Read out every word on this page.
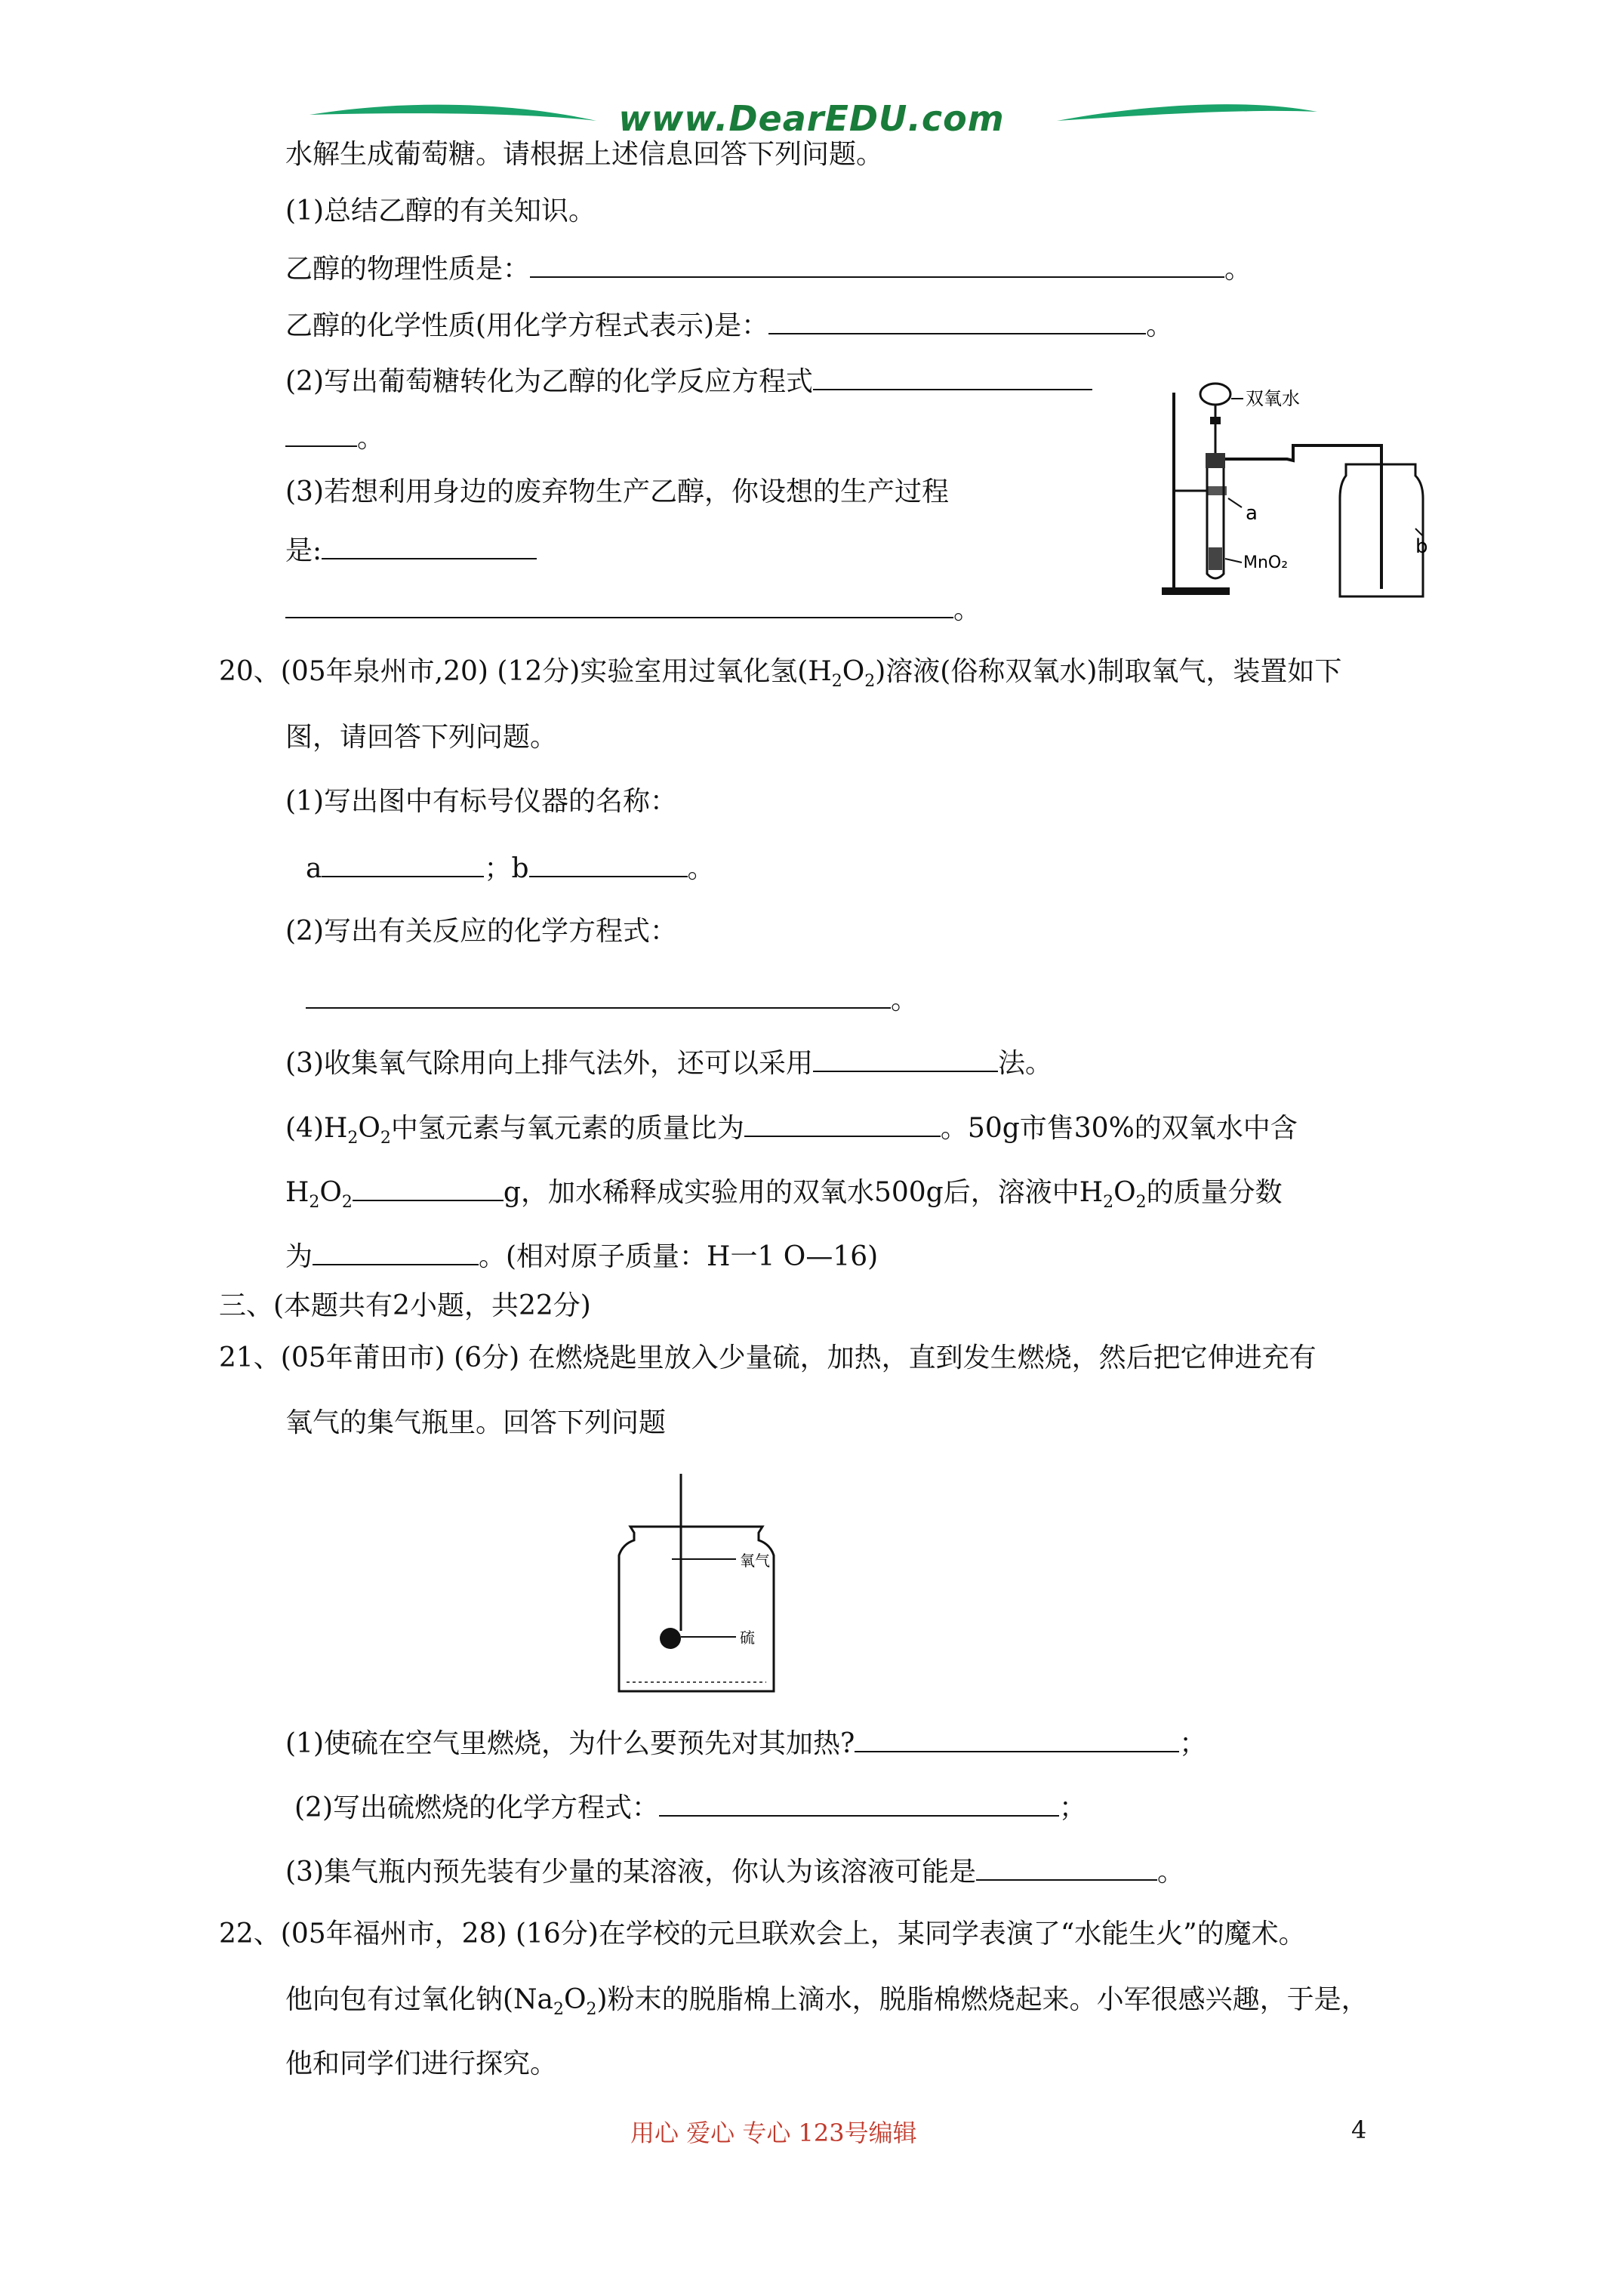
www.DearEDU.com
水解生成葡萄糖。请根据上述信息回答下列问题。
(1)总结乙醇的有关知识。
乙醇的物理性质是：	。
乙醇的化学性质(用化学方程式表示)是：	。
(2)写出葡萄糖转化为乙醇的化学反应方程式
。
(3)若想利用身边的废弃物生产乙醇，你设想的生产过程
是:
。
双氧水
a
MnO₂
b
20、(05年泉州市,20) (12分)实验室用过氧化氢$(H_2O_2)$溶液(俗称双氧水)制取氧气，装置如下
图，请回答下列问题。
(1)写出图中有标号仪器的名称：
a	；b	。
(2)写出有关反应的化学方程式：
。
(3)收集氧气除用向上排气法外，还可以采用	法。
$(4)H_2O_2$中氢元素与氧元素的质量比为	。50g市售30%的双氧水中含
$H_2O_2$	g，加水稀释成实验用的双氧水500g后，溶液中$H_2O_2$的质量分数
为	。(相对原子质量：H一1 O—16)
三、(本题共有2小题，共22分)
21、(05年莆田市) (6分) 在燃烧匙里放入少量硫，加热，直到发生燃烧，然后把它伸进充有
氧气的集气瓶里。回答下列问题
氧气
硫
(1)使硫在空气里燃烧，为什么要预先对其加热?	；
(2)写出硫燃烧的化学方程式：	；
(3)集气瓶内预先装有少量的某溶液，你认为该溶液可能是	。
22、(05年福州市，28) (16分)在学校的元旦联欢会上，某同学表演了“水能生火”的魔术。
他向包有过氧化钠$(Na_2O_2)$粉末的脱脂棉上滴水，脱脂棉燃烧起来。小军很感兴趣，于是，
他和同学们进行探究。
用心 爱心 专心 123号编辑	4
